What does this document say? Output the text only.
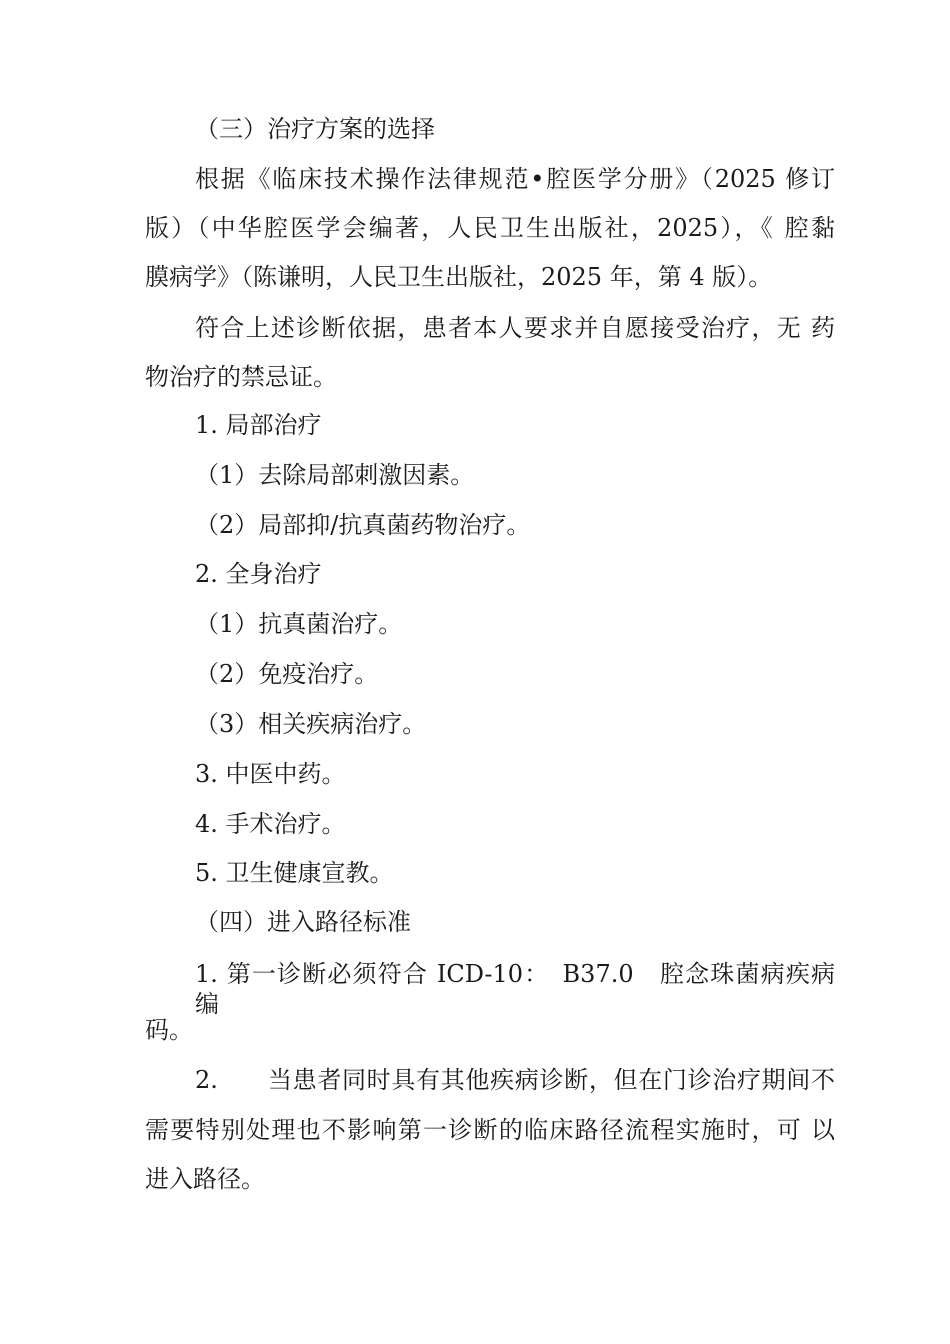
（三）治疗方案的选择
根据《临床技术操作法律规范•腔医学分册》（2025 修订
版）（中华腔医学会编著，人民卫生出版社，2025），《 腔黏
膜病学》（陈谦明，人民卫生出版社，2025 年，第 4 版）。
符合上述诊断依据，患者本人要求并自愿接受治疗，无 药
物治疗的禁忌证。
1. 局部治疗
（1）去除局部刺激因素。
（2）局部抑/抗真菌药物治疗。
2. 全身治疗
（1）抗真菌治疗。
（2）免疫治疗。
（3）相关疾病治疗。
3. 中医中药。
4. 手术治疗。
5. 卫生健康宣教。
（四）进入路径标准
1. 第一诊断必须符合 ICD-10：　B37.0　腔念珠菌病疾病　编
码。
2.　　当患者同时具有其他疾病诊断，但在门诊治疗期间不
需要特别处理也不影响第一诊断的临床路径流程实施时，可 以
进入路径。
